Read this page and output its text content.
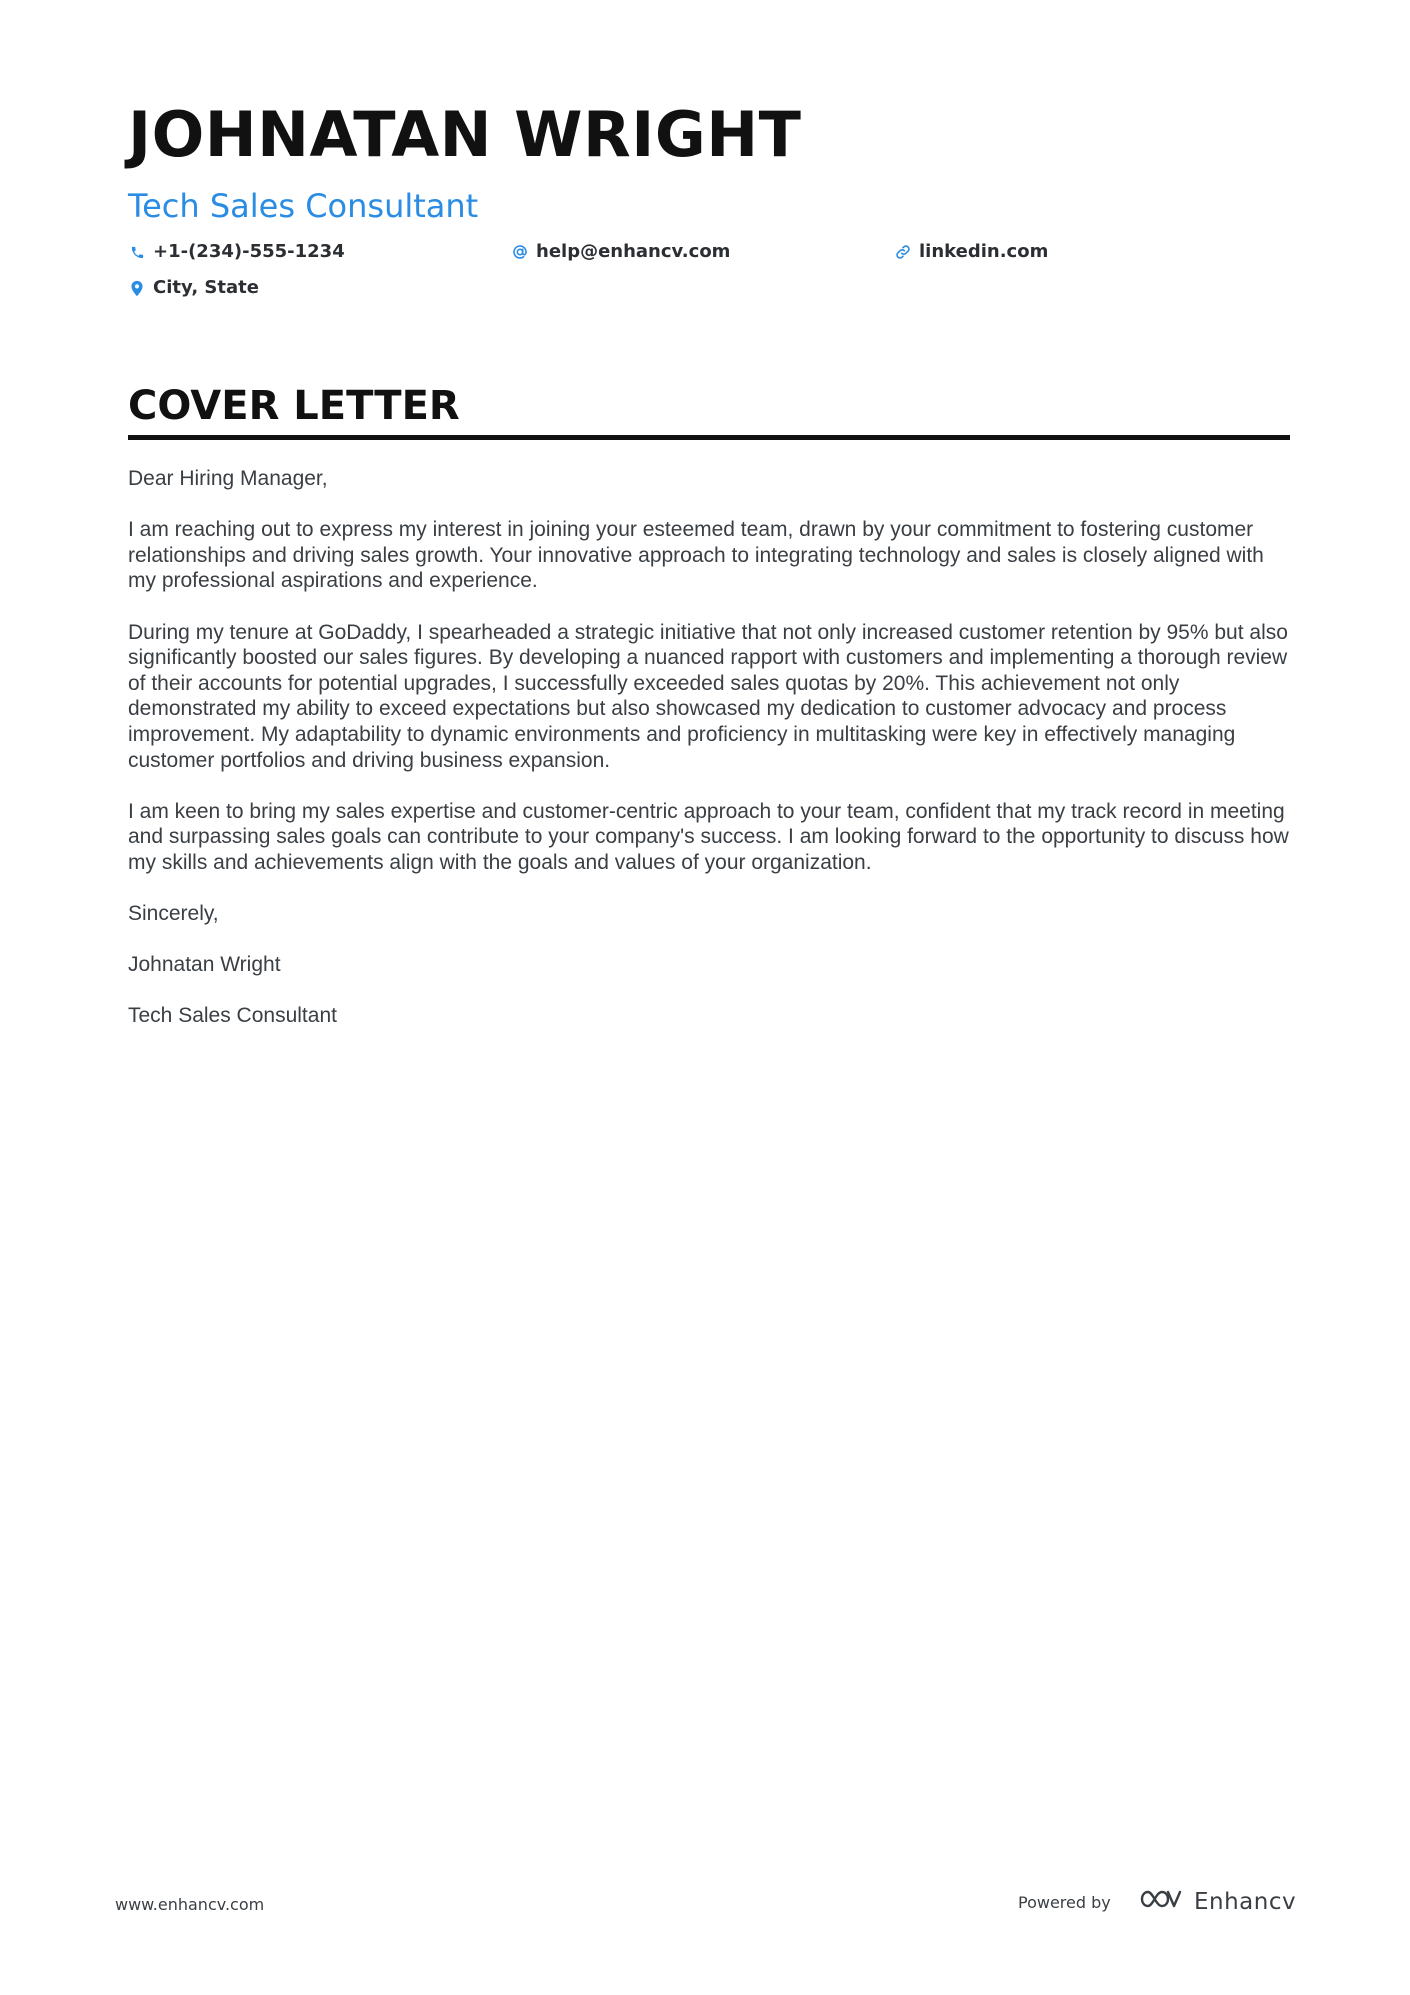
JOHNATAN WRIGHT
Tech Sales Consultant
+1-(234)-555-1234	help@enhancv.com	linkedin.com
City, State
COVER LETTER

Dear Hiring Manager,

I am reaching out to express my interest in joining your esteemed team, drawn by your commitment to fostering customer relationships and driving sales growth. Your innovative approach to integrating technology and sales is closely aligned with my professional aspirations and experience.

During my tenure at GoDaddy, I spearheaded a strategic initiative that not only increased customer retention by 95% but also significantly boosted our sales figures. By developing a nuanced rapport with customers and implementing a thorough review of their accounts for potential upgrades, I successfully exceeded sales quotas by 20%. This achievement not only demonstrated my ability to exceed expectations but also showcased my dedication to customer advocacy and process improvement. My adaptability to dynamic environments and proficiency in multitasking were key in effectively managing customer portfolios and driving business expansion.

I am keen to bring my sales expertise and customer-centric approach to your team, confident that my track record in meeting and surpassing sales goals can contribute to your company's success. I am looking forward to the opportunity to discuss how my skills and achievements align with the goals and values of your organization.

Sincerely,

Johnatan Wright

Tech Sales Consultant

www.enhancv.com	Powered by	Enhancv
